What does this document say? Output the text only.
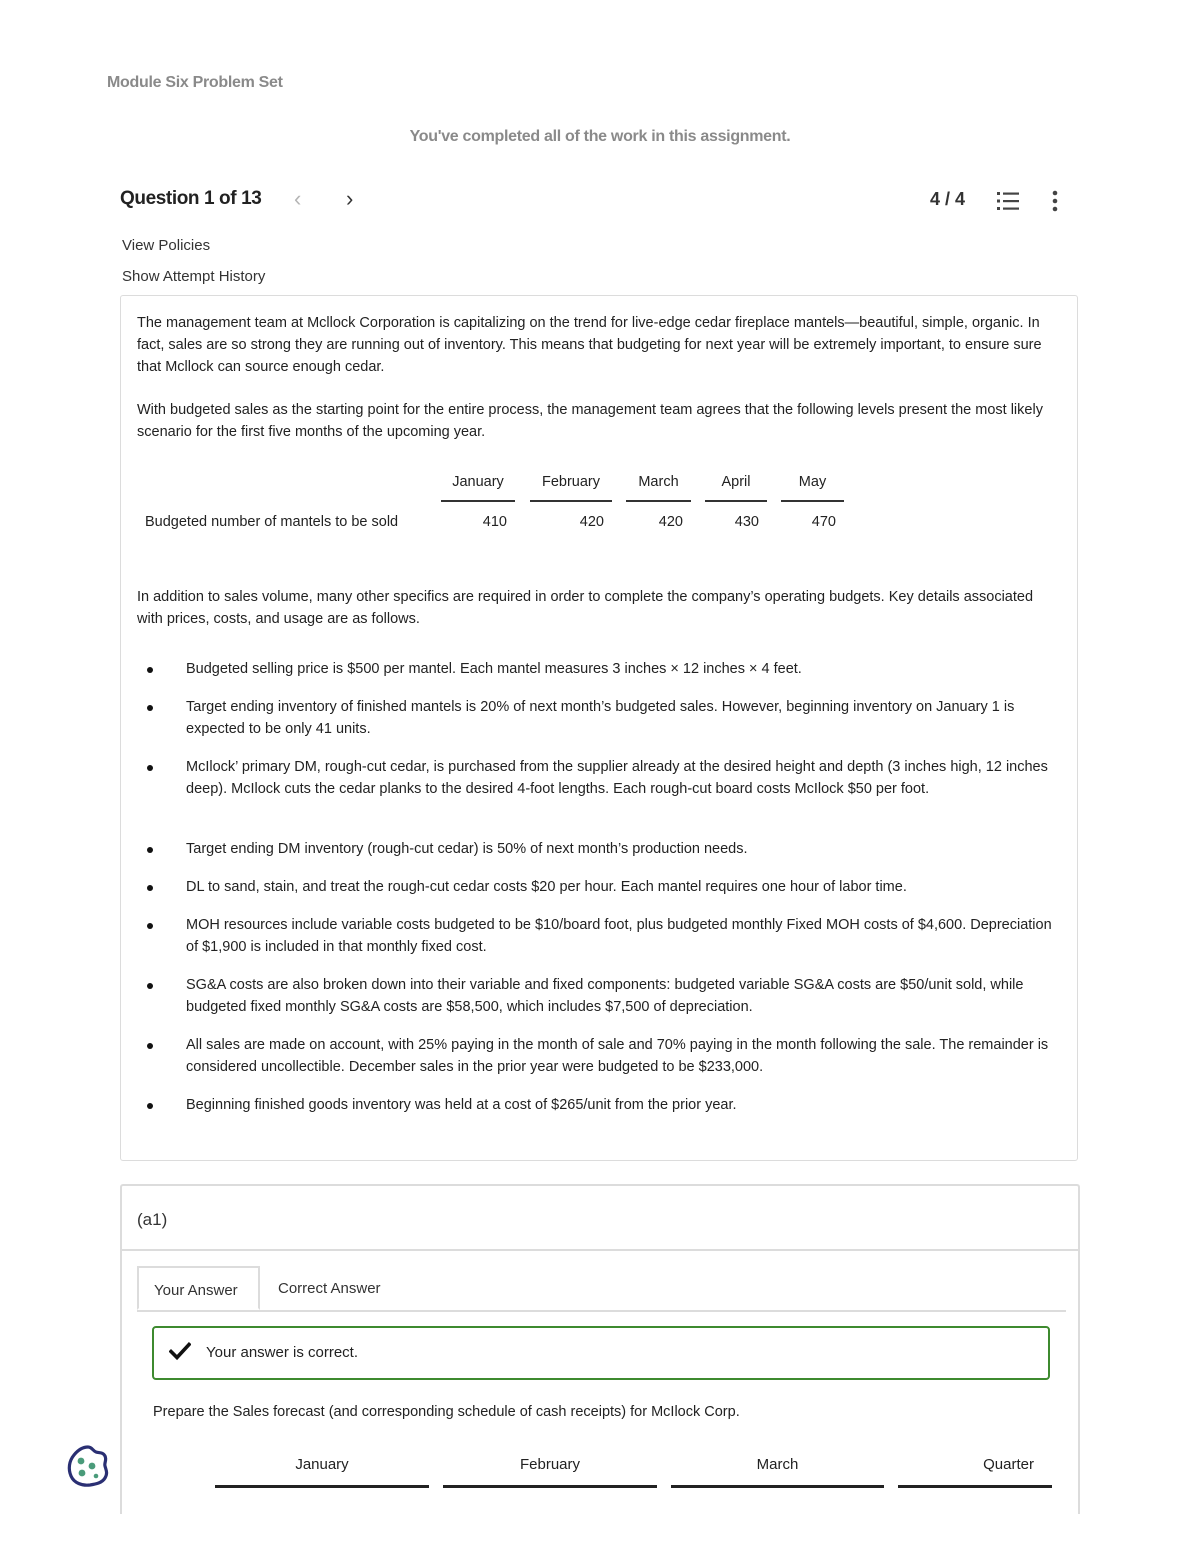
Module Six Problem Set
You've completed all of the work in this assignment.
Question 1 of 13 ‹ ›	4 / 4
View Policies
Show Attempt History
The management team at Mcllock Corporation is capitalizing on the trend for live-edge cedar fireplace mantels—beautiful, simple, organic. In fact, sales are so strong they are running out of inventory. This means that budgeting for next year will be extremely important, to ensure sure that Mcllock can source enough cedar.
With budgeted sales as the starting point for the entire process, the management team agrees that the following levels present the most likely scenario for the first five months of the upcoming year.
January	February	March	April	May
Budgeted number of mantels to be sold	410	420	420	430	470
In addition to sales volume, many other specifics are required in order to complete the company’s operating budgets. Key details associated with prices, costs, and usage are as follows.
Budgeted selling price is $500 per mantel. Each mantel measures 3 inches × 12 inches × 4 feet.
Target ending inventory of finished mantels is 20% of next month’s budgeted sales. However, beginning inventory on January 1 is expected to be only 41 units.
McIlock’ primary DM, rough-cut cedar, is purchased from the supplier already at the desired height and depth (3 inches high, 12 inches deep). McIlock cuts the cedar planks to the desired 4-foot lengths. Each rough-cut board costs McIlock $50 per foot.
Target ending DM inventory (rough-cut cedar) is 50% of next month’s production needs.
DL to sand, stain, and treat the rough-cut cedar costs $20 per hour. Each mantel requires one hour of labor time.
MOH resources include variable costs budgeted to be $10/board foot, plus budgeted monthly Fixed MOH costs of $4,600. Depreciation of $1,900 is included in that monthly fixed cost.
SG&A costs are also broken down into their variable and fixed components: budgeted variable SG&A costs are $50/unit sold, while budgeted fixed monthly SG&A costs are $58,500, which includes $7,500 of depreciation.
All sales are made on account, with 25% paying in the month of sale and 70% paying in the month following the sale. The remainder is considered uncollectible. December sales in the prior year were budgeted to be $233,000.
Beginning finished goods inventory was held at a cost of $265/unit from the prior year.
(a1)
Your Answer	Correct Answer
Your answer is correct.
Prepare the Sales forecast (and corresponding schedule of cash receipts) for McIlock Corp.
January	February	March	Quarter
